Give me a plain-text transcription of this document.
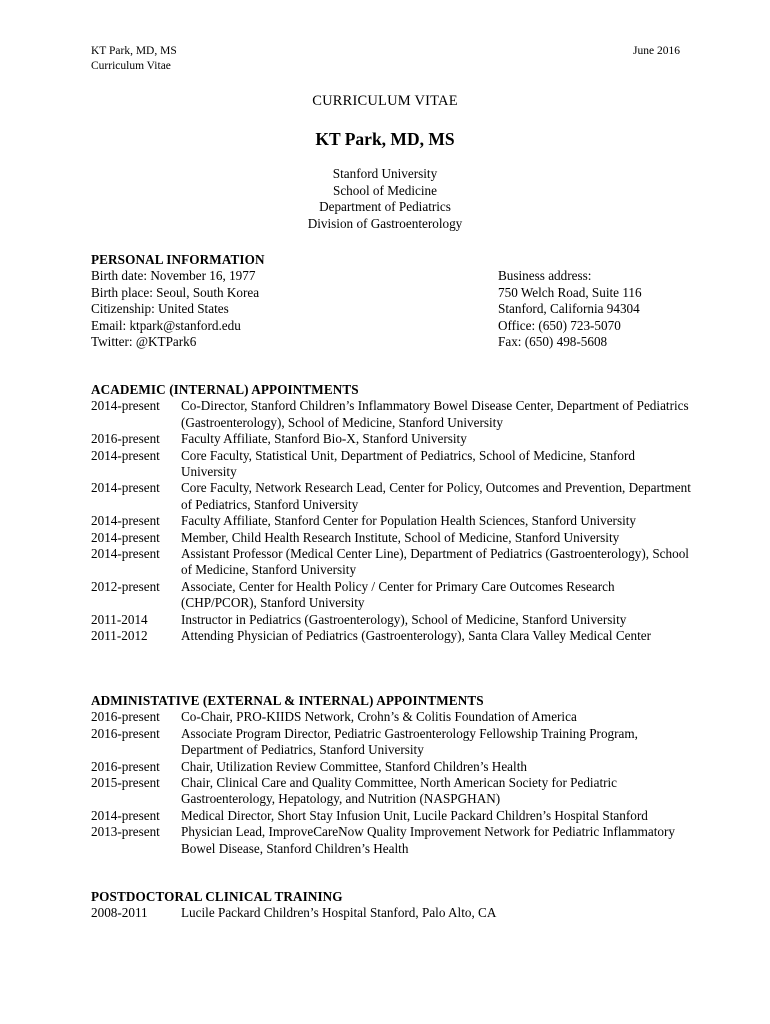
KT Park, MD, MS
Curriculum Vitae
June 2016
CURRICULUM VITAE
KT Park, MD, MS
Stanford University
School of Medicine
Department of Pediatrics
Division of Gastroenterology
PERSONAL INFORMATION
Birth date: November 16, 1977
Birth place: Seoul, South Korea
Citizenship: United States
Email: ktpark@stanford.edu
Twitter: @KTPark6
Business address:
750 Welch Road, Suite 116
Stanford, California 94304
Office: (650) 723-5070
Fax: (650) 498-5608
ACADEMIC (INTERNAL) APPOINTMENTS
2014-present	Co-Director, Stanford Children’s Inflammatory Bowel Disease Center, Department of Pediatrics (Gastroenterology), School of Medicine, Stanford University
2016-present	Faculty Affiliate, Stanford Bio-X, Stanford University
2014-present	Core Faculty, Statistical Unit, Department of Pediatrics, School of Medicine, Stanford University
2014-present	Core Faculty, Network Research Lead, Center for Policy, Outcomes and Prevention, Department of Pediatrics, Stanford University
2014-present	Faculty Affiliate, Stanford Center for Population Health Sciences, Stanford University
2014-present	Member, Child Health Research Institute, School of Medicine, Stanford University
2014-present	Assistant Professor (Medical Center Line), Department of Pediatrics (Gastroenterology), School of Medicine, Stanford University
2012-present	Associate, Center for Health Policy / Center for Primary Care Outcomes Research (CHP/PCOR), Stanford University
2011-2014	Instructor in Pediatrics (Gastroenterology), School of Medicine, Stanford University
2011-2012	Attending Physician of Pediatrics (Gastroenterology), Santa Clara Valley Medical Center
ADMINISTATIVE (EXTERNAL & INTERNAL) APPOINTMENTS
2016-present	Co-Chair, PRO-KIIDS Network, Crohn’s & Colitis Foundation of America
2016-present	Associate Program Director, Pediatric Gastroenterology Fellowship Training Program, Department of Pediatrics, Stanford University
2016-present	Chair, Utilization Review Committee, Stanford Children’s Health
2015-present	Chair, Clinical Care and Quality Committee, North American Society for Pediatric Gastroenterology, Hepatology, and Nutrition (NASPGHAN)
2014-present	Medical Director, Short Stay Infusion Unit, Lucile Packard Children’s Hospital Stanford
2013-present	Physician Lead, ImproveCareNow Quality Improvement Network for Pediatric Inflammatory Bowel Disease, Stanford Children’s Health
POSTDOCTORAL CLINICAL TRAINING
2008-2011	Lucile Packard Children’s Hospital Stanford, Palo Alto, CA
